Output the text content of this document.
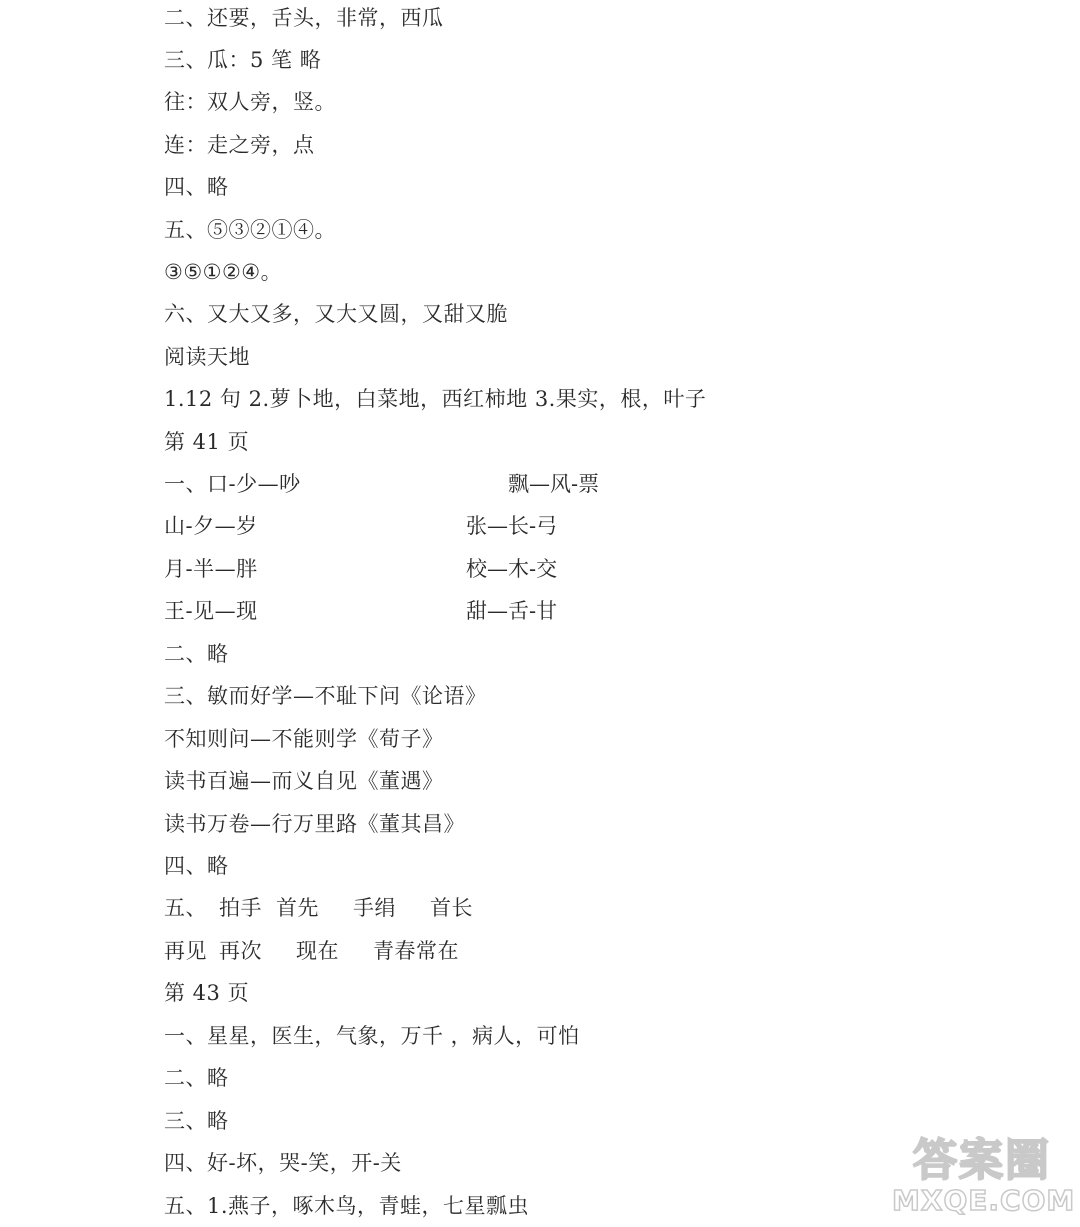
二、还要，舌头，非常，西瓜
三、瓜：5 笔 略
往：双人旁，竖。
连：走之旁，点
四、略
五、⑤③②①④。
③⑤①②④。
六、又大又多，又大又圆，又甜又脆
阅读天地
1.12 句 2.萝卜地，白菜地，西红柿地 3.果实，根，叶子
第 41 页
一、口-少—吵	飘—风-票
山-夕—岁	张—长-弓
月-半—胖	校—木-交
王-见—现	甜—舌-甘
二、略
三、敏而好学—不耻下问《论语》
不知则问—不能则学《荀子》
读书百遍—而义自见《董遇》
读书万卷—行万里路《董其昌》
四、略
五、 拍手 首先 手绢 首长
再见 再次 现在 青春常在
第 43 页
一、星星，医生，气象，万千 ，病人，可怕
二、略
三、略
四、好-坏，哭-笑，开-关
五、1.燕子，啄木鸟，青蛙，七星瓢虫
答案圈
MXQE.COM
